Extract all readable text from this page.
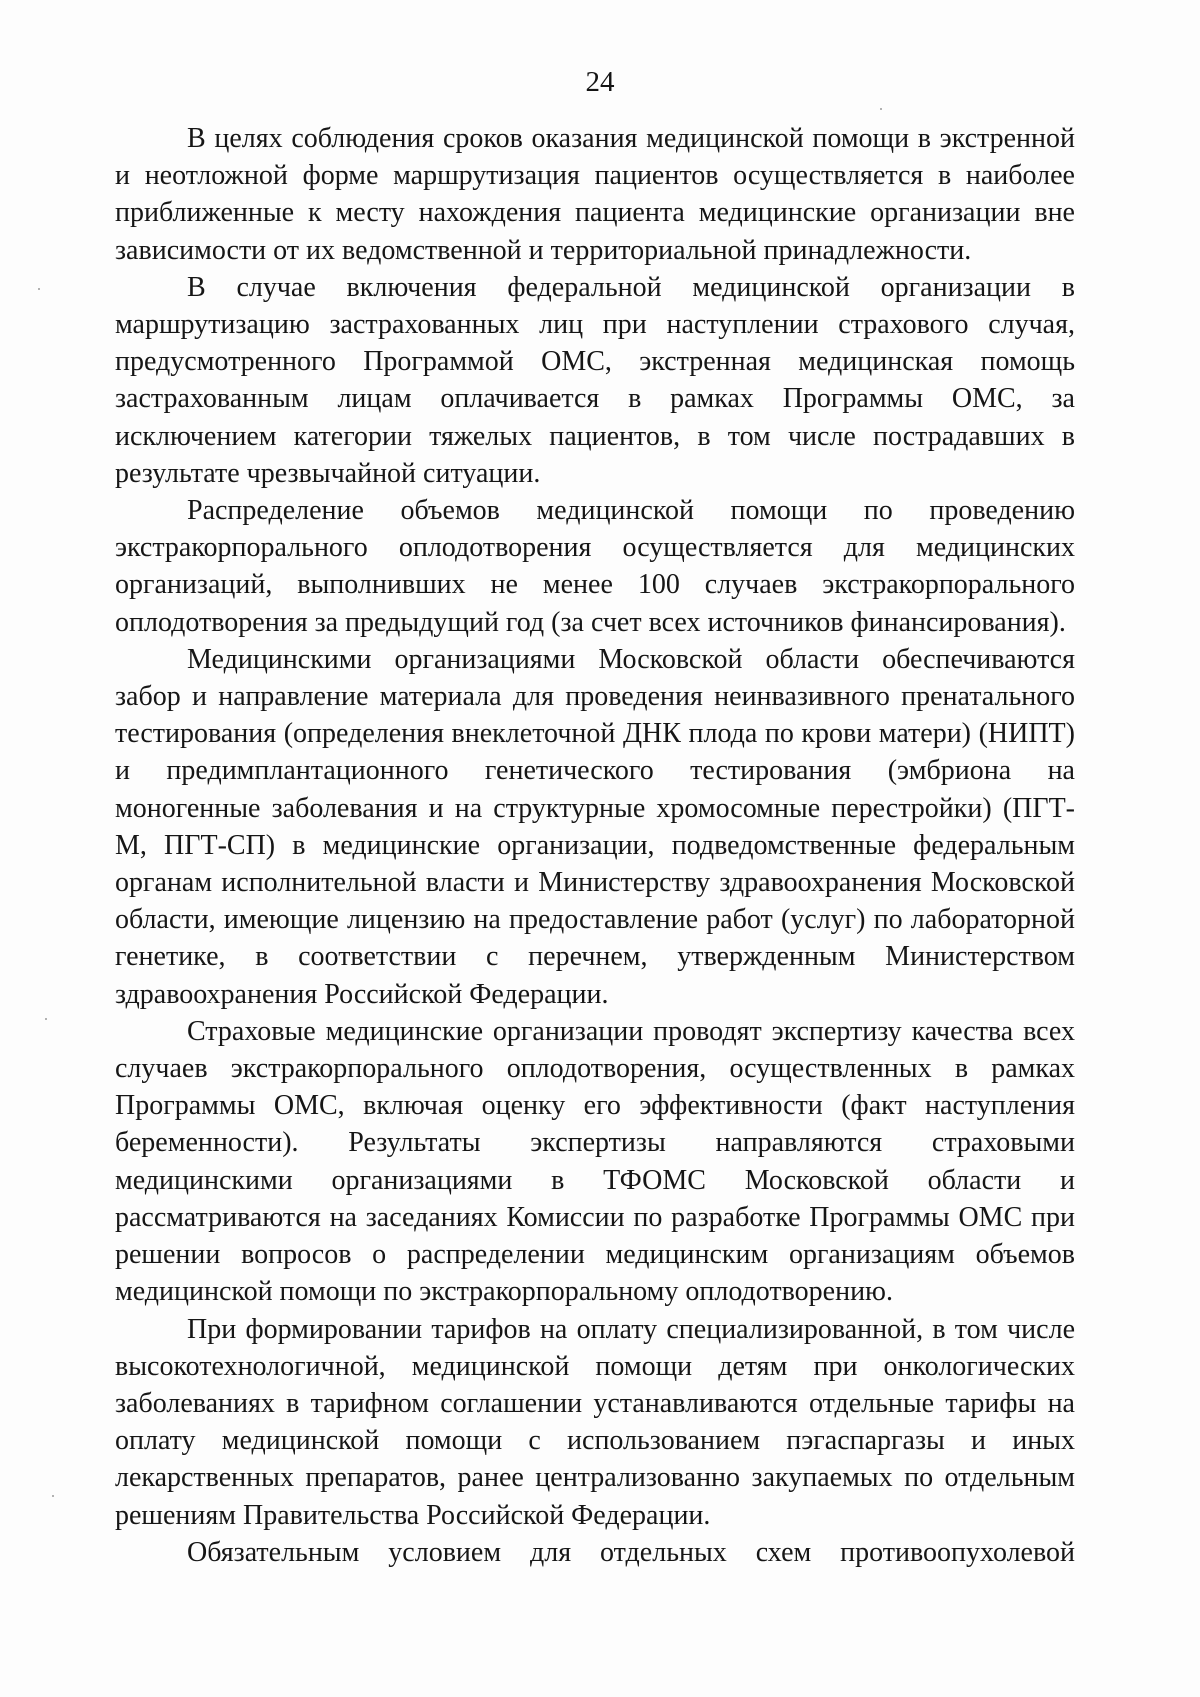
24

В целях соблюдения сроков оказания медицинской помощи в экстренной и неотложной форме маршрутизация пациентов осуществляется в наиболее приближенные к месту нахождения пациента медицинские организации вне зависимости от их ведомственной и территориальной принадлежности.

В случае включения федеральной медицинской организации в маршрутизацию застрахованных лиц при наступлении страхового случая, предусмотренного Программой ОМС, экстренная медицинская помощь застрахованным лицам оплачивается в рамках Программы ОМС, за исключением категории тяжелых пациентов, в том числе пострадавших в результате чрезвычайной ситуации.

Распределение объемов медицинской помощи по проведению экстракорпорального оплодотворения осуществляется для медицинских организаций, выполнивших не менее 100 случаев экстракорпорального оплодотворения за предыдущий год (за счет всех источников финансирования).

Медицинскими организациями Московской области обеспечиваются забор и направление материала для проведения неинвазивного пренатального тестирования (определения внеклеточной ДНК плода по крови матери) (НИПТ) и предимплантационного генетического тестирования (эмбриона на моногенные заболевания и на структурные хромосомные перестройки) (ПГТ-М, ПГТ-СП) в медицинские организации, подведомственные федеральным органам исполнительной власти и Министерству здравоохранения Московской области, имеющие лицензию на предоставление работ (услуг) по лабораторной генетике, в соответствии с перечнем, утвержденным Министерством здравоохранения Российской Федерации.

Страховые медицинские организации проводят экспертизу качества всех случаев экстракорпорального оплодотворения, осуществленных в рамках Программы ОМС, включая оценку его эффективности (факт наступления беременности). Результаты экспертизы направляются страховыми медицинскими организациями в ТФОМС Московской области и рассматриваются на заседаниях Комиссии по разработке Программы ОМС при решении вопросов о распределении медицинским организациям объемов медицинской помощи по экстракорпоральному оплодотворению.

При формировании тарифов на оплату специализированной, в том числе высокотехнологичной, медицинской помощи детям при онкологических заболеваниях в тарифном соглашении устанавливаются отдельные тарифы на оплату медицинской помощи с использованием пэгаспаргазы и иных лекарственных препаратов, ранее централизованно закупаемых по отдельным решениям Правительства Российской Федерации.

Обязательным условием для отдельных схем противоопухолевой
